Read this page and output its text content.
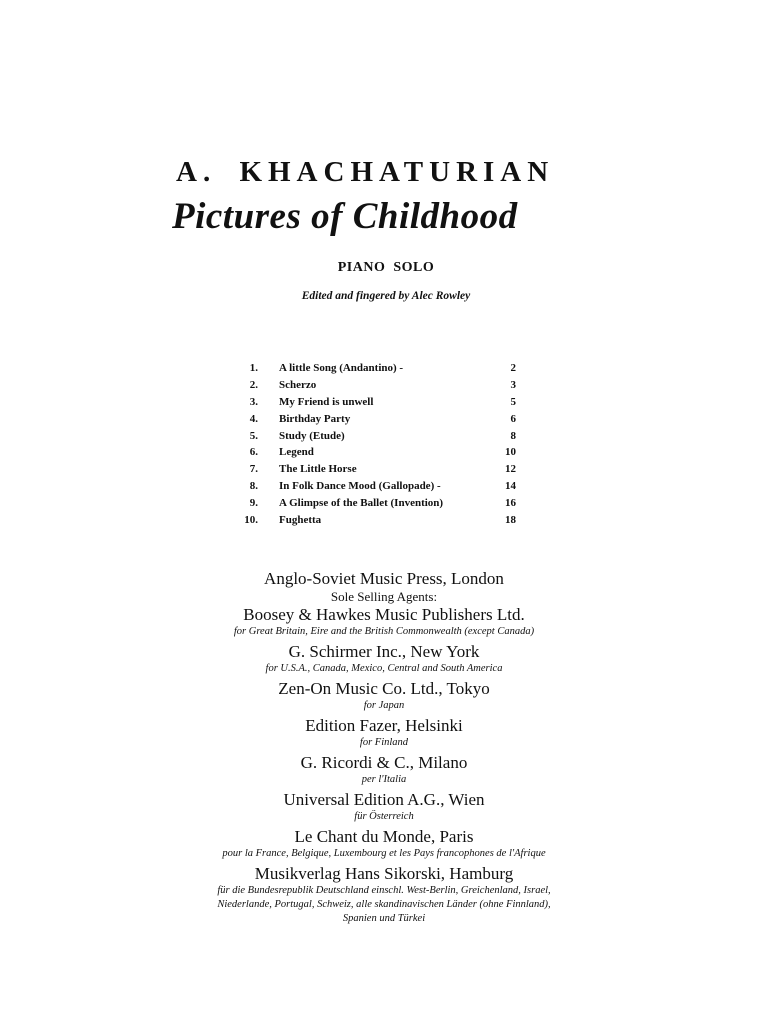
A. KHACHATURIAN
Pictures of Childhood
PIANO SOLO
Edited and fingered by Alec Rowley
1. A little Song (Andantino) -	2
2. Scherzo	3
3. My Friend is unwell	5
4. Birthday Party	6
5. Study (Etude)	8
6. Legend	10
7. The Little Horse	12
8. In Folk Dance Mood (Gallopade) -	14
9. A Glimpse of the Ballet (Invention)	16
10. Fughetta	18
Anglo-Soviet Music Press, London
Sole Selling Agents:
Boosey & Hawkes Music Publishers Ltd.
for Great Britain, Eire and the British Commonwealth (except Canada)
G. Schirmer Inc., New York
for U.S.A., Canada, Mexico, Central and South America
Zen-On Music Co. Ltd., Tokyo
for Japan
Edition Fazer, Helsinki
for Finland
G. Ricordi & C., Milano
per l'Italia
Universal Edition A.G., Wien
für Österreich
Le Chant du Monde, Paris
pour la France, Belgique, Luxembourg et les Pays francophones de l'Afrique
Musikverlag Hans Sikorski, Hamburg
für die Bundesrepublik Deutschland einschl. West-Berlin, Greichenland, Israel,
Niederlande, Portugal, Schweiz, alle skandinavischen Länder (ohne Finnland),
Spanien und Türkei
